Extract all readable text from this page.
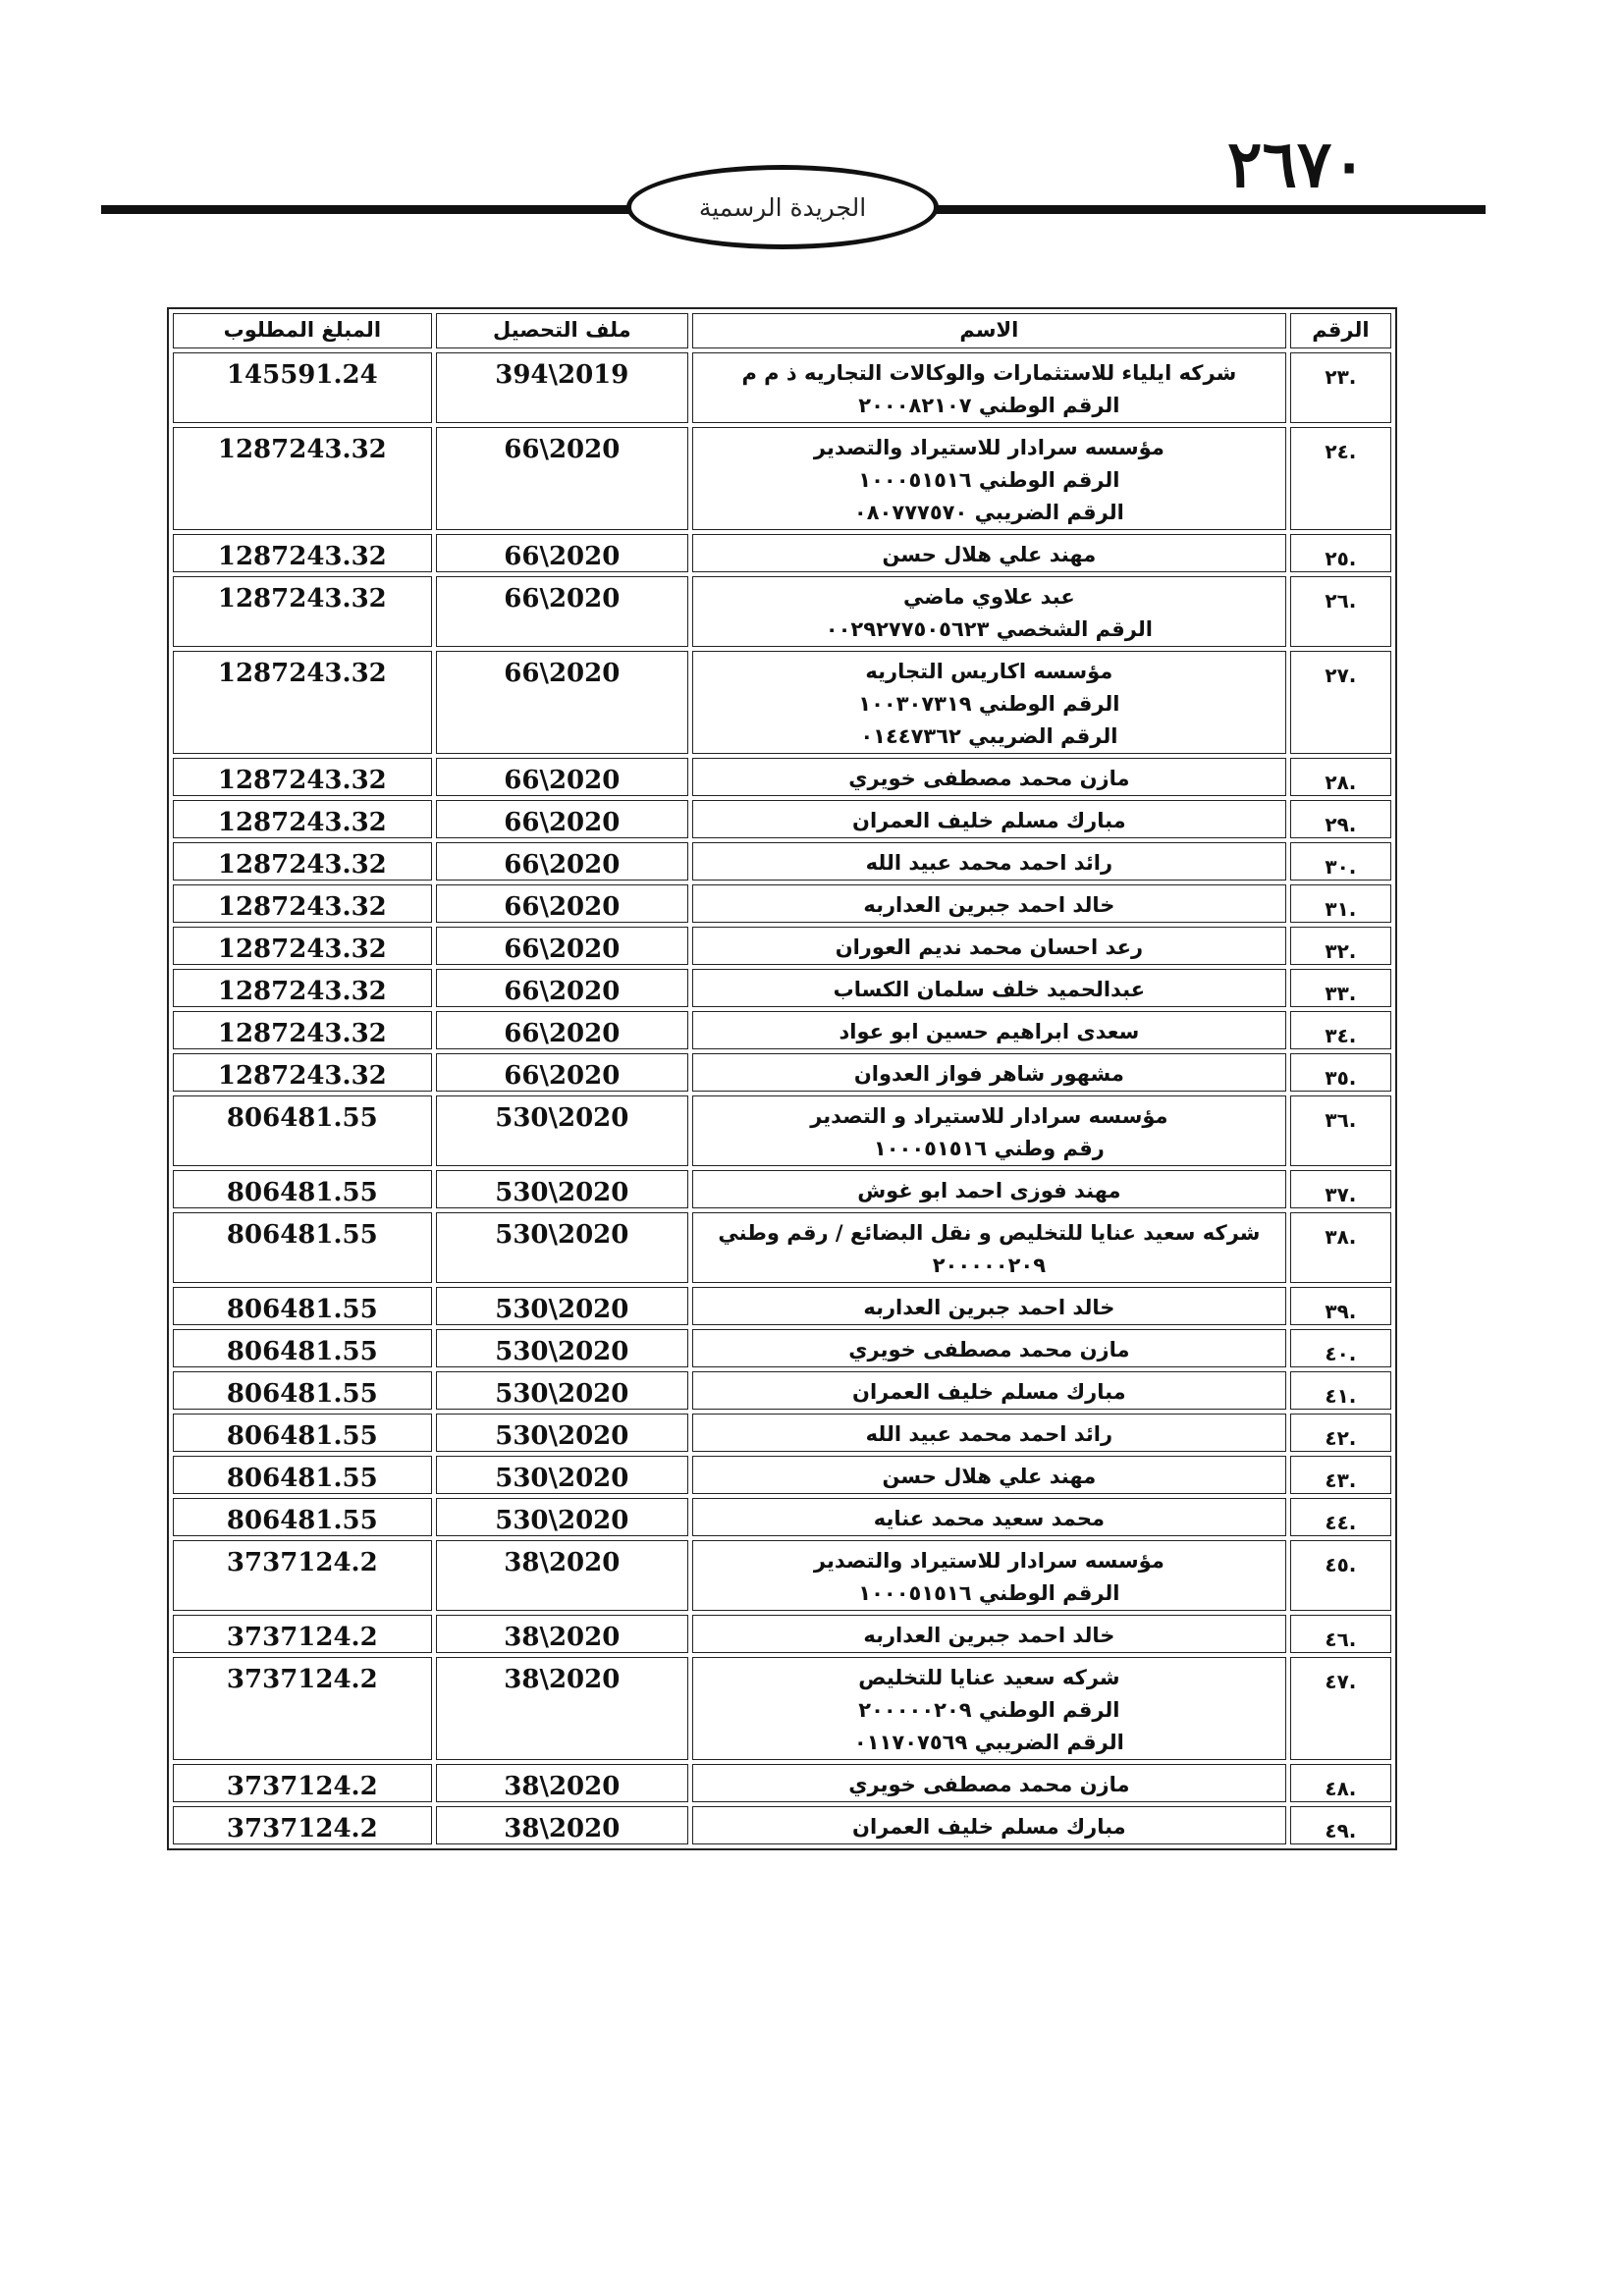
٢٦٧٠
الجريدة الرسمية
الرقم	الاسم	ملف التحصيل	المبلغ المطلوب
.٢٣	شركه ايلياء للاستثمارات والوكالات التجاريه ذ م م
الرقم الوطني ٢٠٠٠٨٢١٠٧	394\2019	145591.24
.٢٤	مؤسسه سرادار للاستيراد والتصدير
الرقم الوطني ١٠٠٠٥١٥١٦
الرقم الضريبي ٠٨٠٧٧٧٥٧٠	66\2020	1287243.32
.٢٥	مهند علي هلال حسن	66\2020	1287243.32
.٢٦	عبد علاوي ماضي
الرقم الشخصي ٠٠٢٩٢٧٧٥٠٥٦٢٣	66\2020	1287243.32
.٢٧	مؤسسه اكاريس التجاريه
الرقم الوطني ١٠٠٣٠٧٣١٩
الرقم الضريبي ٠١٤٤٧٣٦٢	66\2020	1287243.32
.٢٨	مازن محمد مصطفى خويري	66\2020	1287243.32
.٢٩	مبارك مسلم خليف العمران	66\2020	1287243.32
.٣٠	رائد احمد محمد عبيد الله	66\2020	1287243.32
.٣١	خالد احمد جبرين العداربه	66\2020	1287243.32
.٣٢	رعد احسان محمد نديم العوران	66\2020	1287243.32
.٣٣	عبدالحميد خلف سلمان الكساب	66\2020	1287243.32
.٣٤	سعدى ابراهيم حسين ابو عواد	66\2020	1287243.32
.٣٥	مشهور شاهر فواز العدوان	66\2020	1287243.32
.٣٦	مؤسسه سرادار للاستيراد و التصدير
رقم وطني ١٠٠٠٥١٥١٦	530\2020	806481.55
.٣٧	مهند فوزى احمد ابو غوش	530\2020	806481.55
.٣٨	شركه سعيد عنايا للتخليص و نقل البضائع / رقم وطني
٢٠٠٠٠٠٢٠٩	530\2020	806481.55
.٣٩	خالد احمد جبرين العداربه	530\2020	806481.55
.٤٠	مازن محمد مصطفى خويري	530\2020	806481.55
.٤١	مبارك مسلم خليف العمران	530\2020	806481.55
.٤٢	رائد احمد محمد عبيد الله	530\2020	806481.55
.٤٣	مهند علي هلال حسن	530\2020	806481.55
.٤٤	محمد سعيد محمد عنايه	530\2020	806481.55
.٤٥	مؤسسه سرادار للاستيراد والتصدير
الرقم الوطني ١٠٠٠٥١٥١٦	38\2020	3737124.2
.٤٦	خالد احمد جبرين العداربه	38\2020	3737124.2
.٤٧	شركه سعيد عنايا للتخليص
الرقم الوطني ٢٠٠٠٠٠٢٠٩
الرقم الضريبي ٠١١٧٠٧٥٦٩	38\2020	3737124.2
.٤٨	مازن محمد مصطفى خويري	38\2020	3737124.2
.٤٩	مبارك مسلم خليف العمران	38\2020	3737124.2
